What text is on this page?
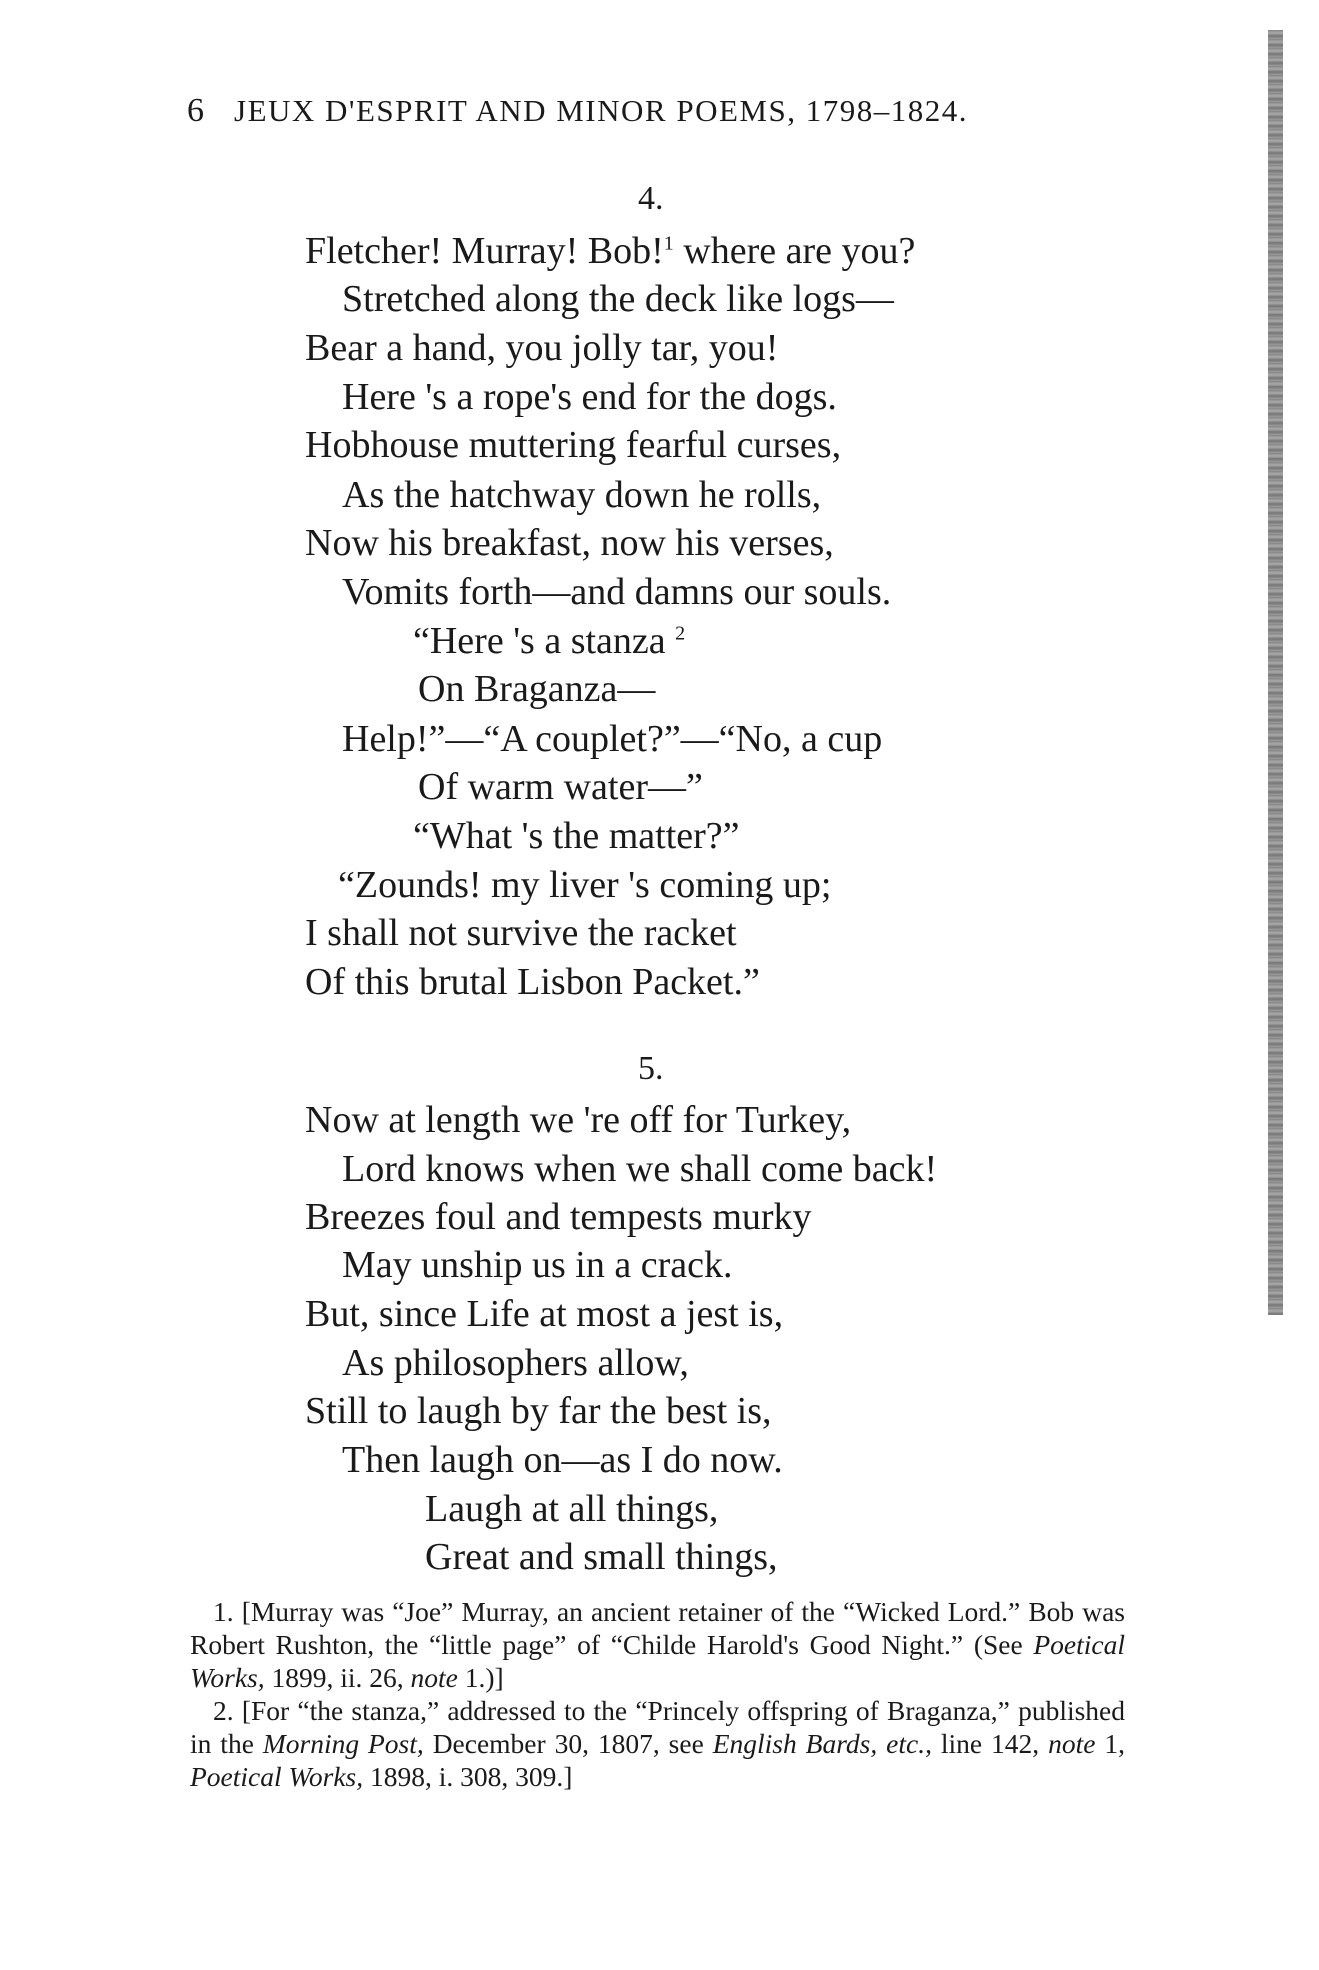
6 JEUX D'ESPRIT AND MINOR POEMS, 1798–1824.
4.
Fletcher! Murray! Bob!$^1$ where are you?
Stretched along the deck like logs—
Bear a hand, you jolly tar, you!
Here 's a rope's end for the dogs.
Hobhouse muttering fearful curses,
As the hatchway down he rolls,
Now his breakfast, now his verses,
Vomits forth—and damns our souls.
“Here 's a stanza $^2$
On Braganza—
Help!”—“A couplet?”—“No, a cup
Of warm water—”
“What 's the matter?”
“Zounds! my liver 's coming up;
I shall not survive the racket
Of this brutal Lisbon Packet.”
5.
Now at length we 're off for Turkey,
Lord knows when we shall come back!
Breezes foul and tempests murky
May unship us in a crack.
But, since Life at most a jest is,
As philosophers allow,
Still to laugh by far the best is,
Then laugh on—as I do now.
Laugh at all things,
Great and small things,

1. [Murray was “Joe” Murray, an ancient retainer of the “Wicked Lord.” Bob was Robert Rushton, the “little page” of “Childe Harold's Good Night.” (See Poetical Works, 1899, ii. 26, note 1.)]

2. [For “the stanza,” addressed to the “Princely offspring of Braganza,” published in the Morning Post, December 30, 1807, see English Bards, etc., line 142, note 1, Poetical Works, 1898, i. 308, 309.]
